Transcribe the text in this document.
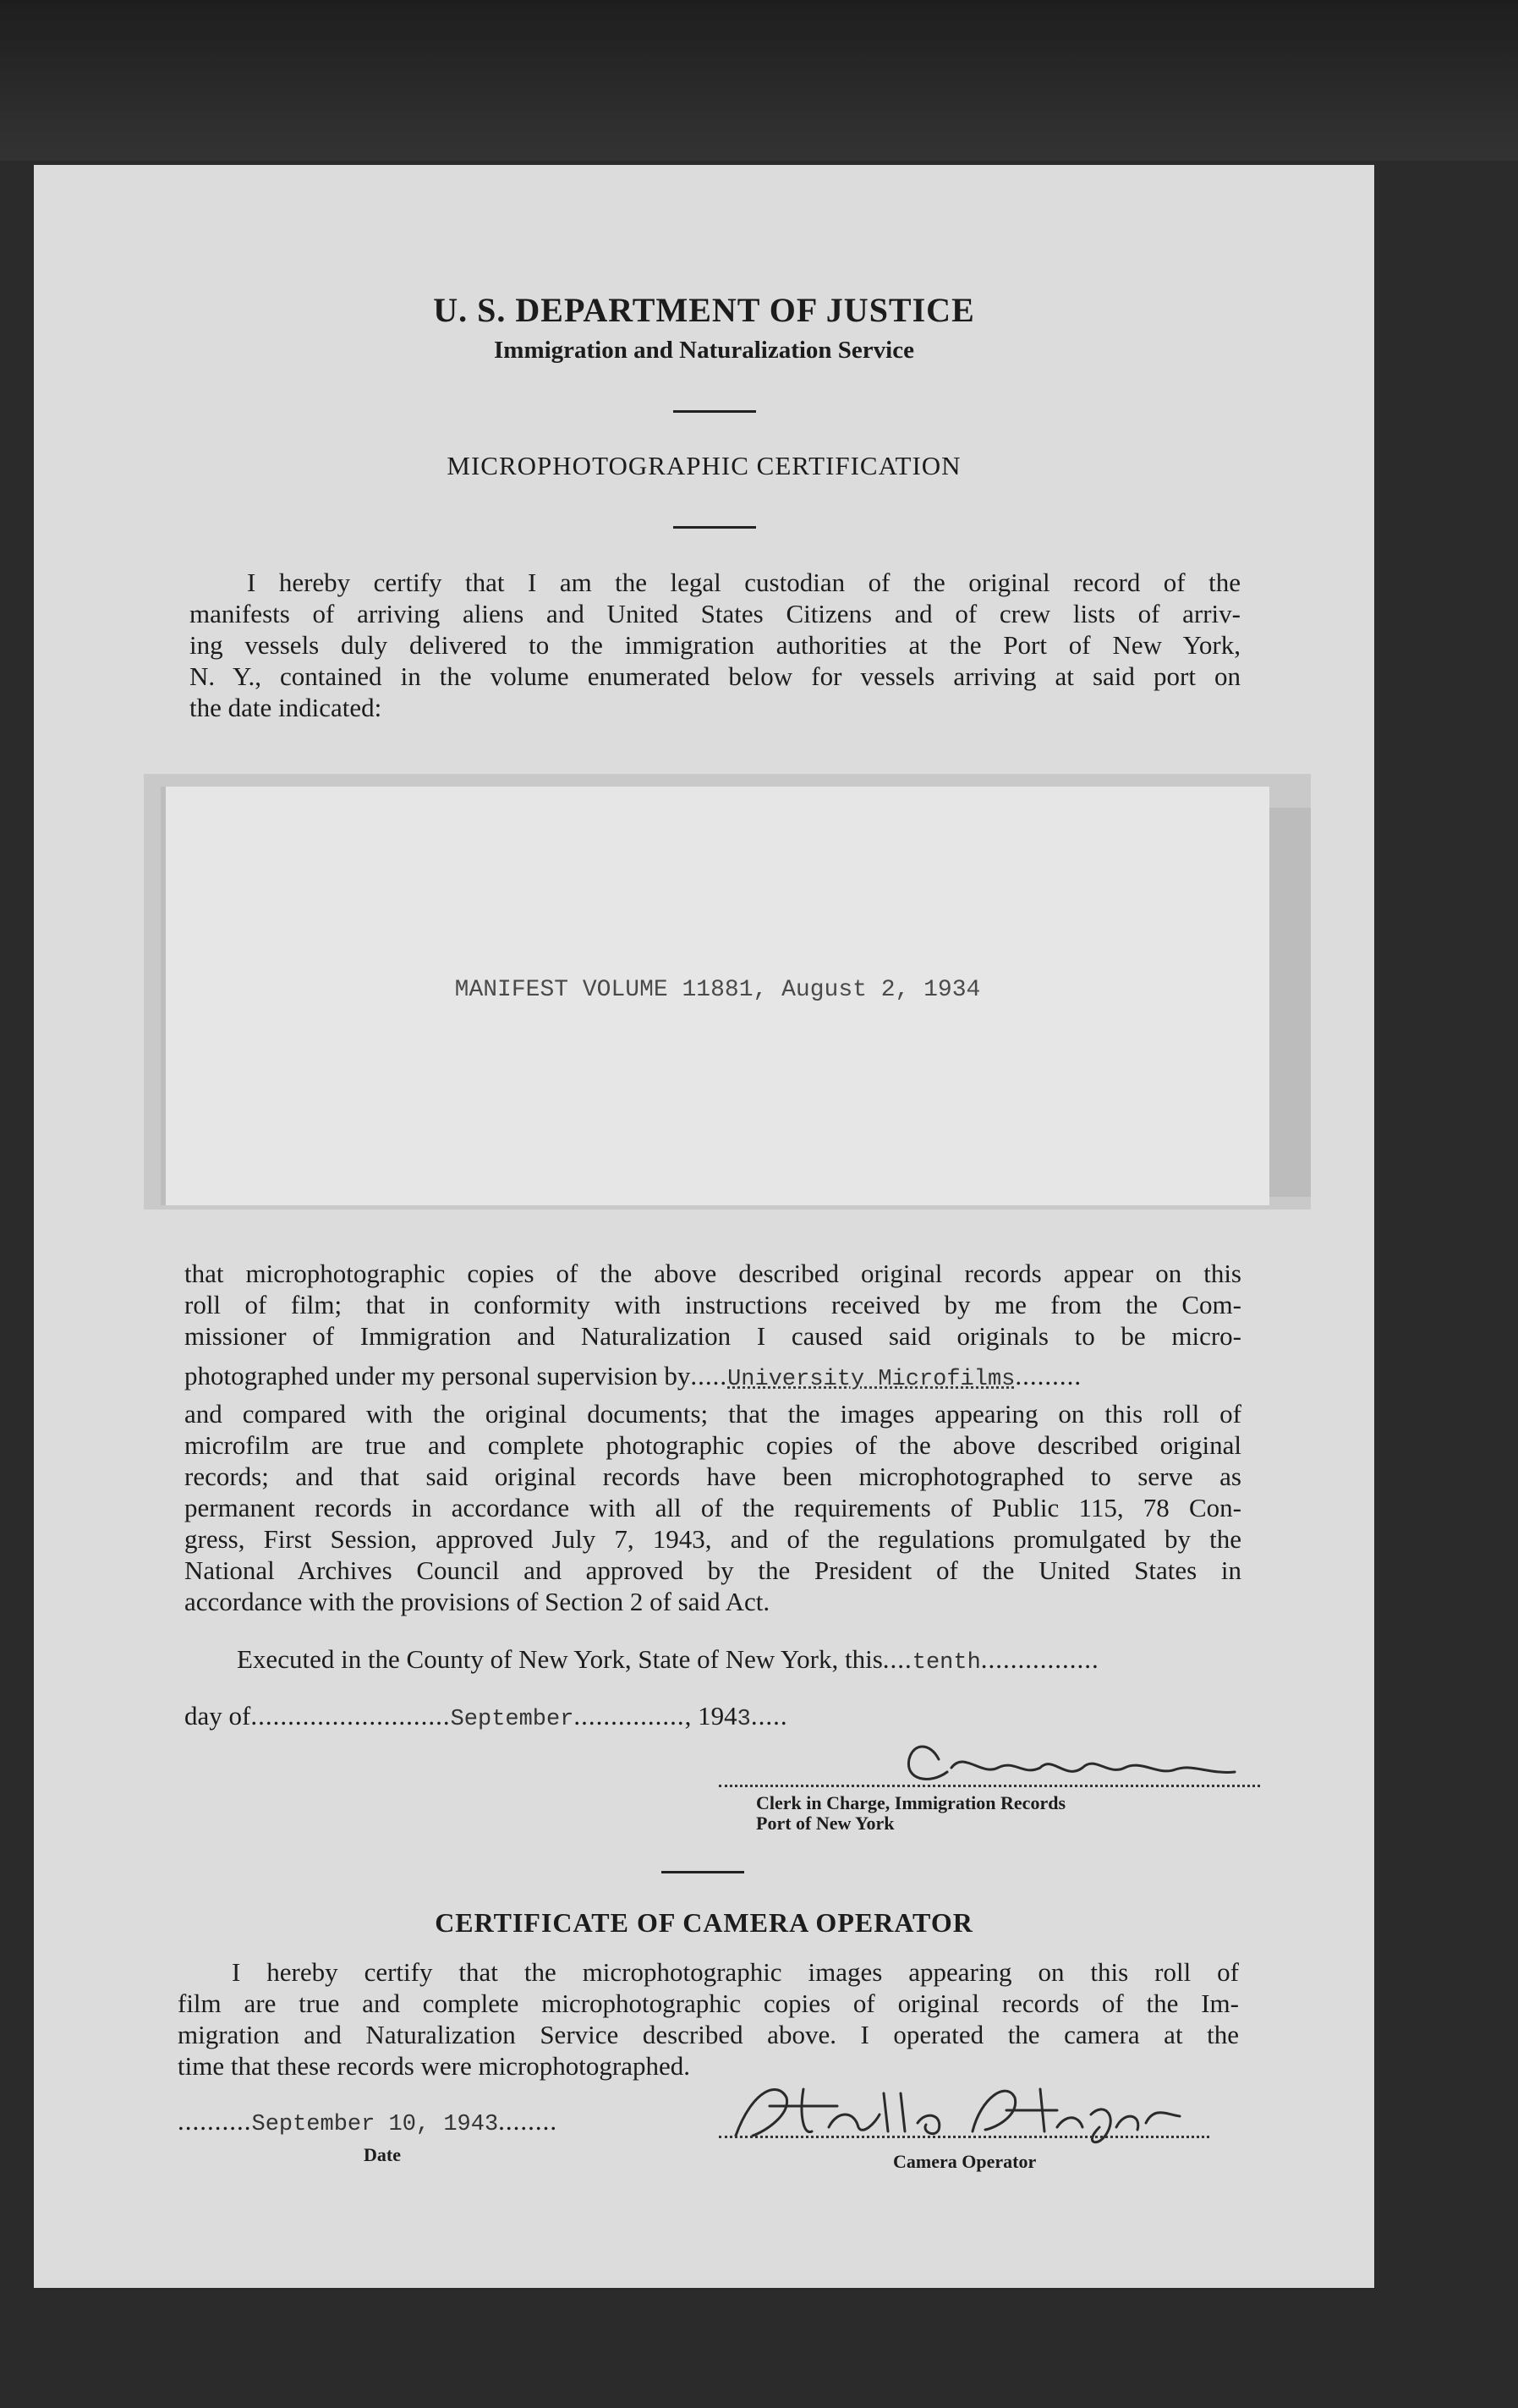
U. S. DEPARTMENT OF JUSTICE
Immigration and Naturalization Service
MICROPHOTOGRAPHIC CERTIFICATION

I hereby certify that I am the legal custodian of the original record of the
manifests of arriving aliens and United States Citizens and of crew lists of arriv-
ing vessels duly delivered to the immigration authorities at the Port of New York,
N. Y., contained in the volume enumerated below for vessels arriving at said port on
the date indicated:

MANIFEST VOLUME 11881, August 2, 1934

that microphotographic copies of the above described original records appear on this
roll of film; that in conformity with instructions received by me from the Com-
missioner of Immigration and Naturalization I caused said originals to be micro-

photographed under my personal supervision by.....University Microfilms.........

and compared with the original documents; that the images appearing on this roll of
microfilm are true and complete photographic copies of the above described original
records; and that said original records have been microphotographed to serve as
permanent records in accordance with all of the requirements of Public 115, 78 Con-
gress, First Session, approved July 7, 1943, and of the regulations promulgated by the
National Archives Council and approved by the President of the United States in
accordance with the provisions of Section 2 of said Act.

Executed in the County of New York, State of New York, this....tenth................
day of...........................September..............., 1943.....
Clerk in Charge, Immigration Records
Port of New York
CERTIFICATE OF CAMERA OPERATOR

I hereby certify that the microphotographic images appearing on this roll of
film are true and complete microphotographic copies of original records of the Im-
migration and Naturalization Service described above. I operated the camera at the
time that these records were microphotographed.

..........September 10, 1943........
Date	Camera Operator
